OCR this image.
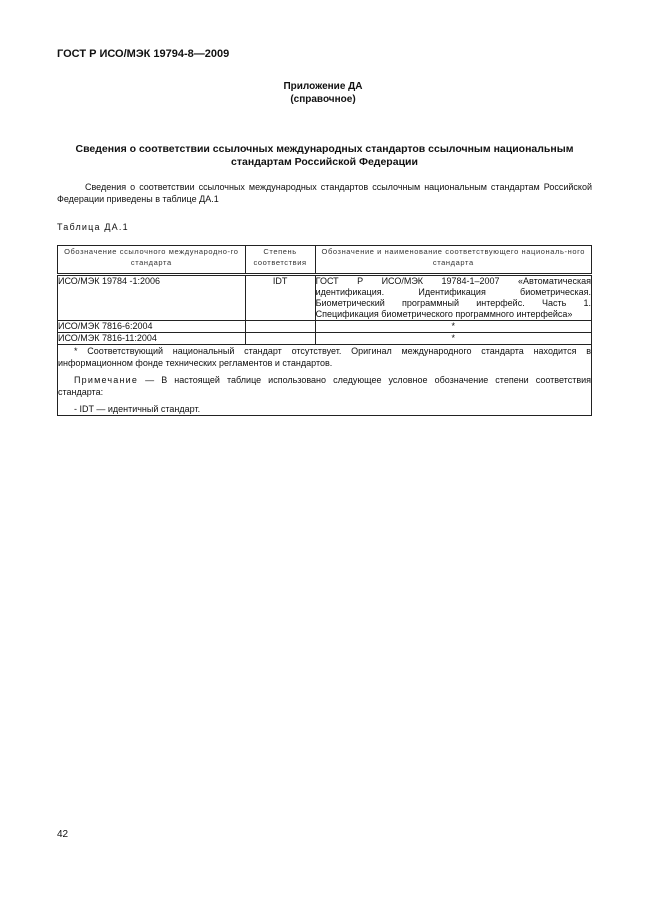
ГОСТ Р ИСО/МЭК 19794-8—2009
Приложение ДА
(справочное)
Сведения о соответствии ссылочных международных стандартов ссылочным национальным
стандартам Российской Федерации
Сведения о соответствии ссылочных международных стандартов ссылочным национальным стандартам Российской Федерации приведены в таблице ДА.1
Таблица ДА.1
Обозначение ссылочного международно-го стандарта	Степень соответствия	Обозначение и наименование соответствующего националь-ного стандарта
ИСО/МЭК 19784 -1:2006	IDT	ГОСТ Р ИСО/МЭК 19784-1–2007 «Автоматическая идентификация. Идентификация биометрическая. Биометрический программный интерфейс. Часть 1. Спецификация биометрического программного интерфейса»
ИСО/МЭК 7816-6:2004		*
ИСО/МЭК 7816-11:2004		*

* Соответствующий национальный стандарт отсутствует. Оригинал международного стандарта находится в информационном фонде технических регламентов и стандартов.

Примечание — В настоящей таблице использовано следующее условное обозначение степени соответствия стандарта:

- IDT — идентичный стандарт.		

42
